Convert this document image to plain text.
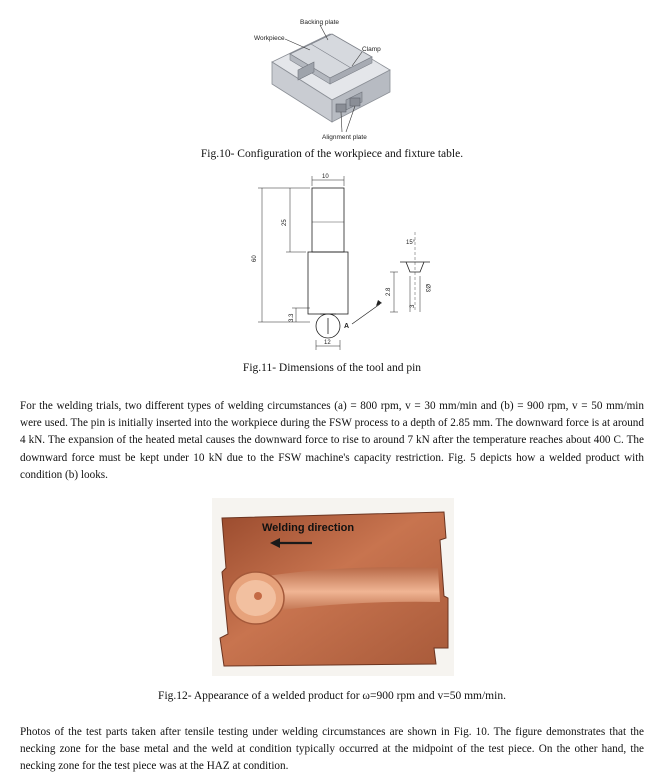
Backing plate
Workpiece
Clamp
Alignment plate
Fig.10- Configuration of the workpiece and fixture table.
10
60
25
3.3
12
A
15°
2.8	Ø3
3
Fig.11- Dimensions of the tool and pin
For the welding trials, two different types of welding circumstances (a) = 800 rpm, v = 30 mm/min and (b) = 900 rpm, v = 50 mm/min were used. The pin is initially inserted into the workpiece during the FSW process to a depth of 2.85 mm. The downward force is at around 4 kN. The expansion of the heated metal causes the downward force to rise to around 7 kN after the temperature reaches about 400 C. The downward force must be kept under 10 kN due to the FSW machine's capacity restriction. Fig. 5 depicts how a welded product with condition (b) looks.
Welding direction
Fig.12- Appearance of a welded product for ω=900 rpm and v=50 mm/min.
Photos of the test parts taken after tensile testing under welding circumstances are shown in Fig. 10. The figure demonstrates that the necking zone for the base metal and the weld at condition typically occurred at the midpoint of the test piece. On the other hand, the necking zone for the test piece was at the HAZ at condition.
